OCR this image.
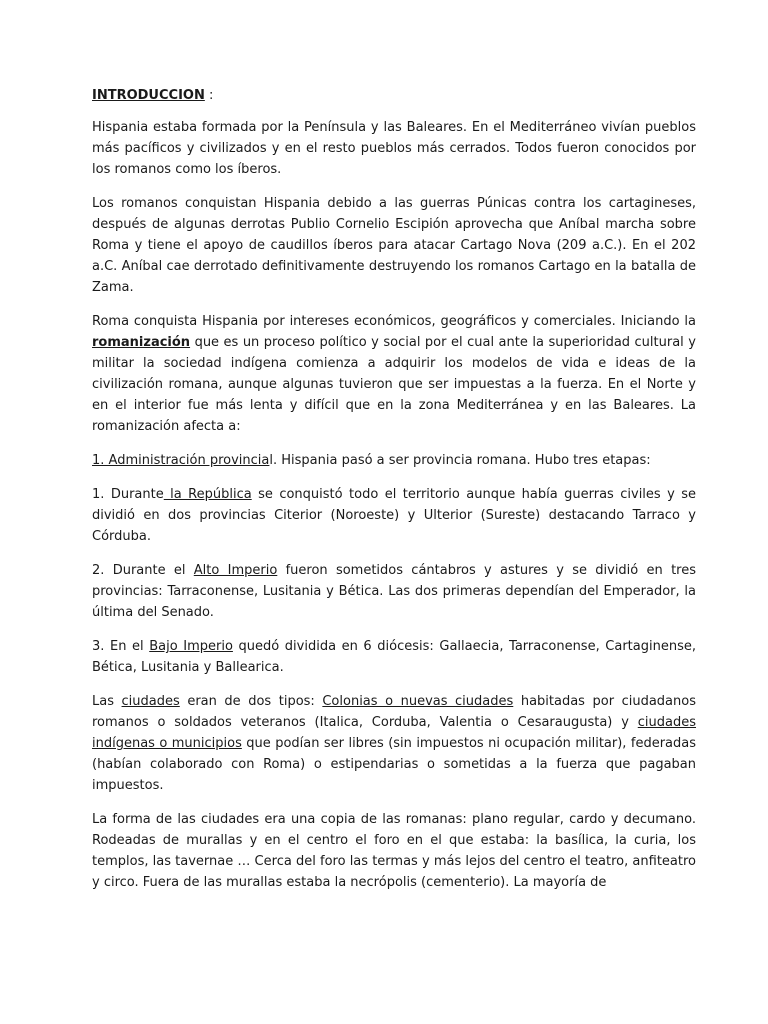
INTRODUCCION :

Hispania estaba formada por la Península y las Baleares. En el Mediterráneo vivían pueblos más pacíficos y civilizados y en el resto pueblos más cerrados. Todos fueron conocidos por los romanos como los íberos.

Los romanos conquistan Hispania debido a las guerras Púnicas contra los cartagineses, después de algunas derrotas Publio Cornelio Escipión aprovecha que Aníbal marcha sobre Roma y tiene el apoyo de caudillos íberos para atacar Cartago Nova (209 a.C.). En el 202 a.C. Aníbal cae derrotado definitivamente destruyendo los romanos Cartago en la batalla de Zama.

Roma conquista Hispania por intereses económicos, geográficos y comerciales. Iniciando la romanización que es un proceso político y social por el cual ante la superioridad cultural y militar la sociedad indígena comienza a adquirir los modelos de vida e ideas de la civilización romana, aunque algunas tuvieron que ser impuestas a la fuerza. En el Norte y en el interior fue más lenta y difícil que en la zona Mediterránea y en las Baleares. La romanización afecta a:

1. Administración provincial. Hispania pasó a ser provincia romana. Hubo tres etapas:

1. Durante la República se conquistó todo el territorio aunque había guerras civiles y se dividió en dos provincias Citerior (Noroeste) y Ulterior (Sureste) destacando Tarraco y Córduba.

2. Durante el Alto Imperio fueron sometidos cántabros y astures y se dividió en tres provincias: Tarraconense, Lusitania y Bética. Las dos primeras dependían del Emperador, la última del Senado.

3. En el Bajo Imperio quedó dividida en 6 diócesis: Gallaecia, Tarraconense, Cartaginense, Bética, Lusitania y Ballearica.

Las ciudades eran de dos tipos: Colonias o nuevas ciudades habitadas por ciudadanos romanos o soldados veteranos (Italica, Corduba, Valentia o Cesaraugusta) y ciudades indígenas o municipios que podían ser libres (sin impuestos ni ocupación militar), federadas (habían colaborado con Roma) o estipendarias o sometidas a la fuerza que pagaban impuestos.

La forma de las ciudades era una copia de las romanas: plano regular, cardo y decumano. Rodeadas de murallas y en el centro el foro en el que estaba: la basílica, la curia, los templos, las tavernae … Cerca del foro las termas y más lejos del centro el teatro, anfiteatro y circo. Fuera de las murallas estaba la necrópolis (cementerio). La mayoría de
